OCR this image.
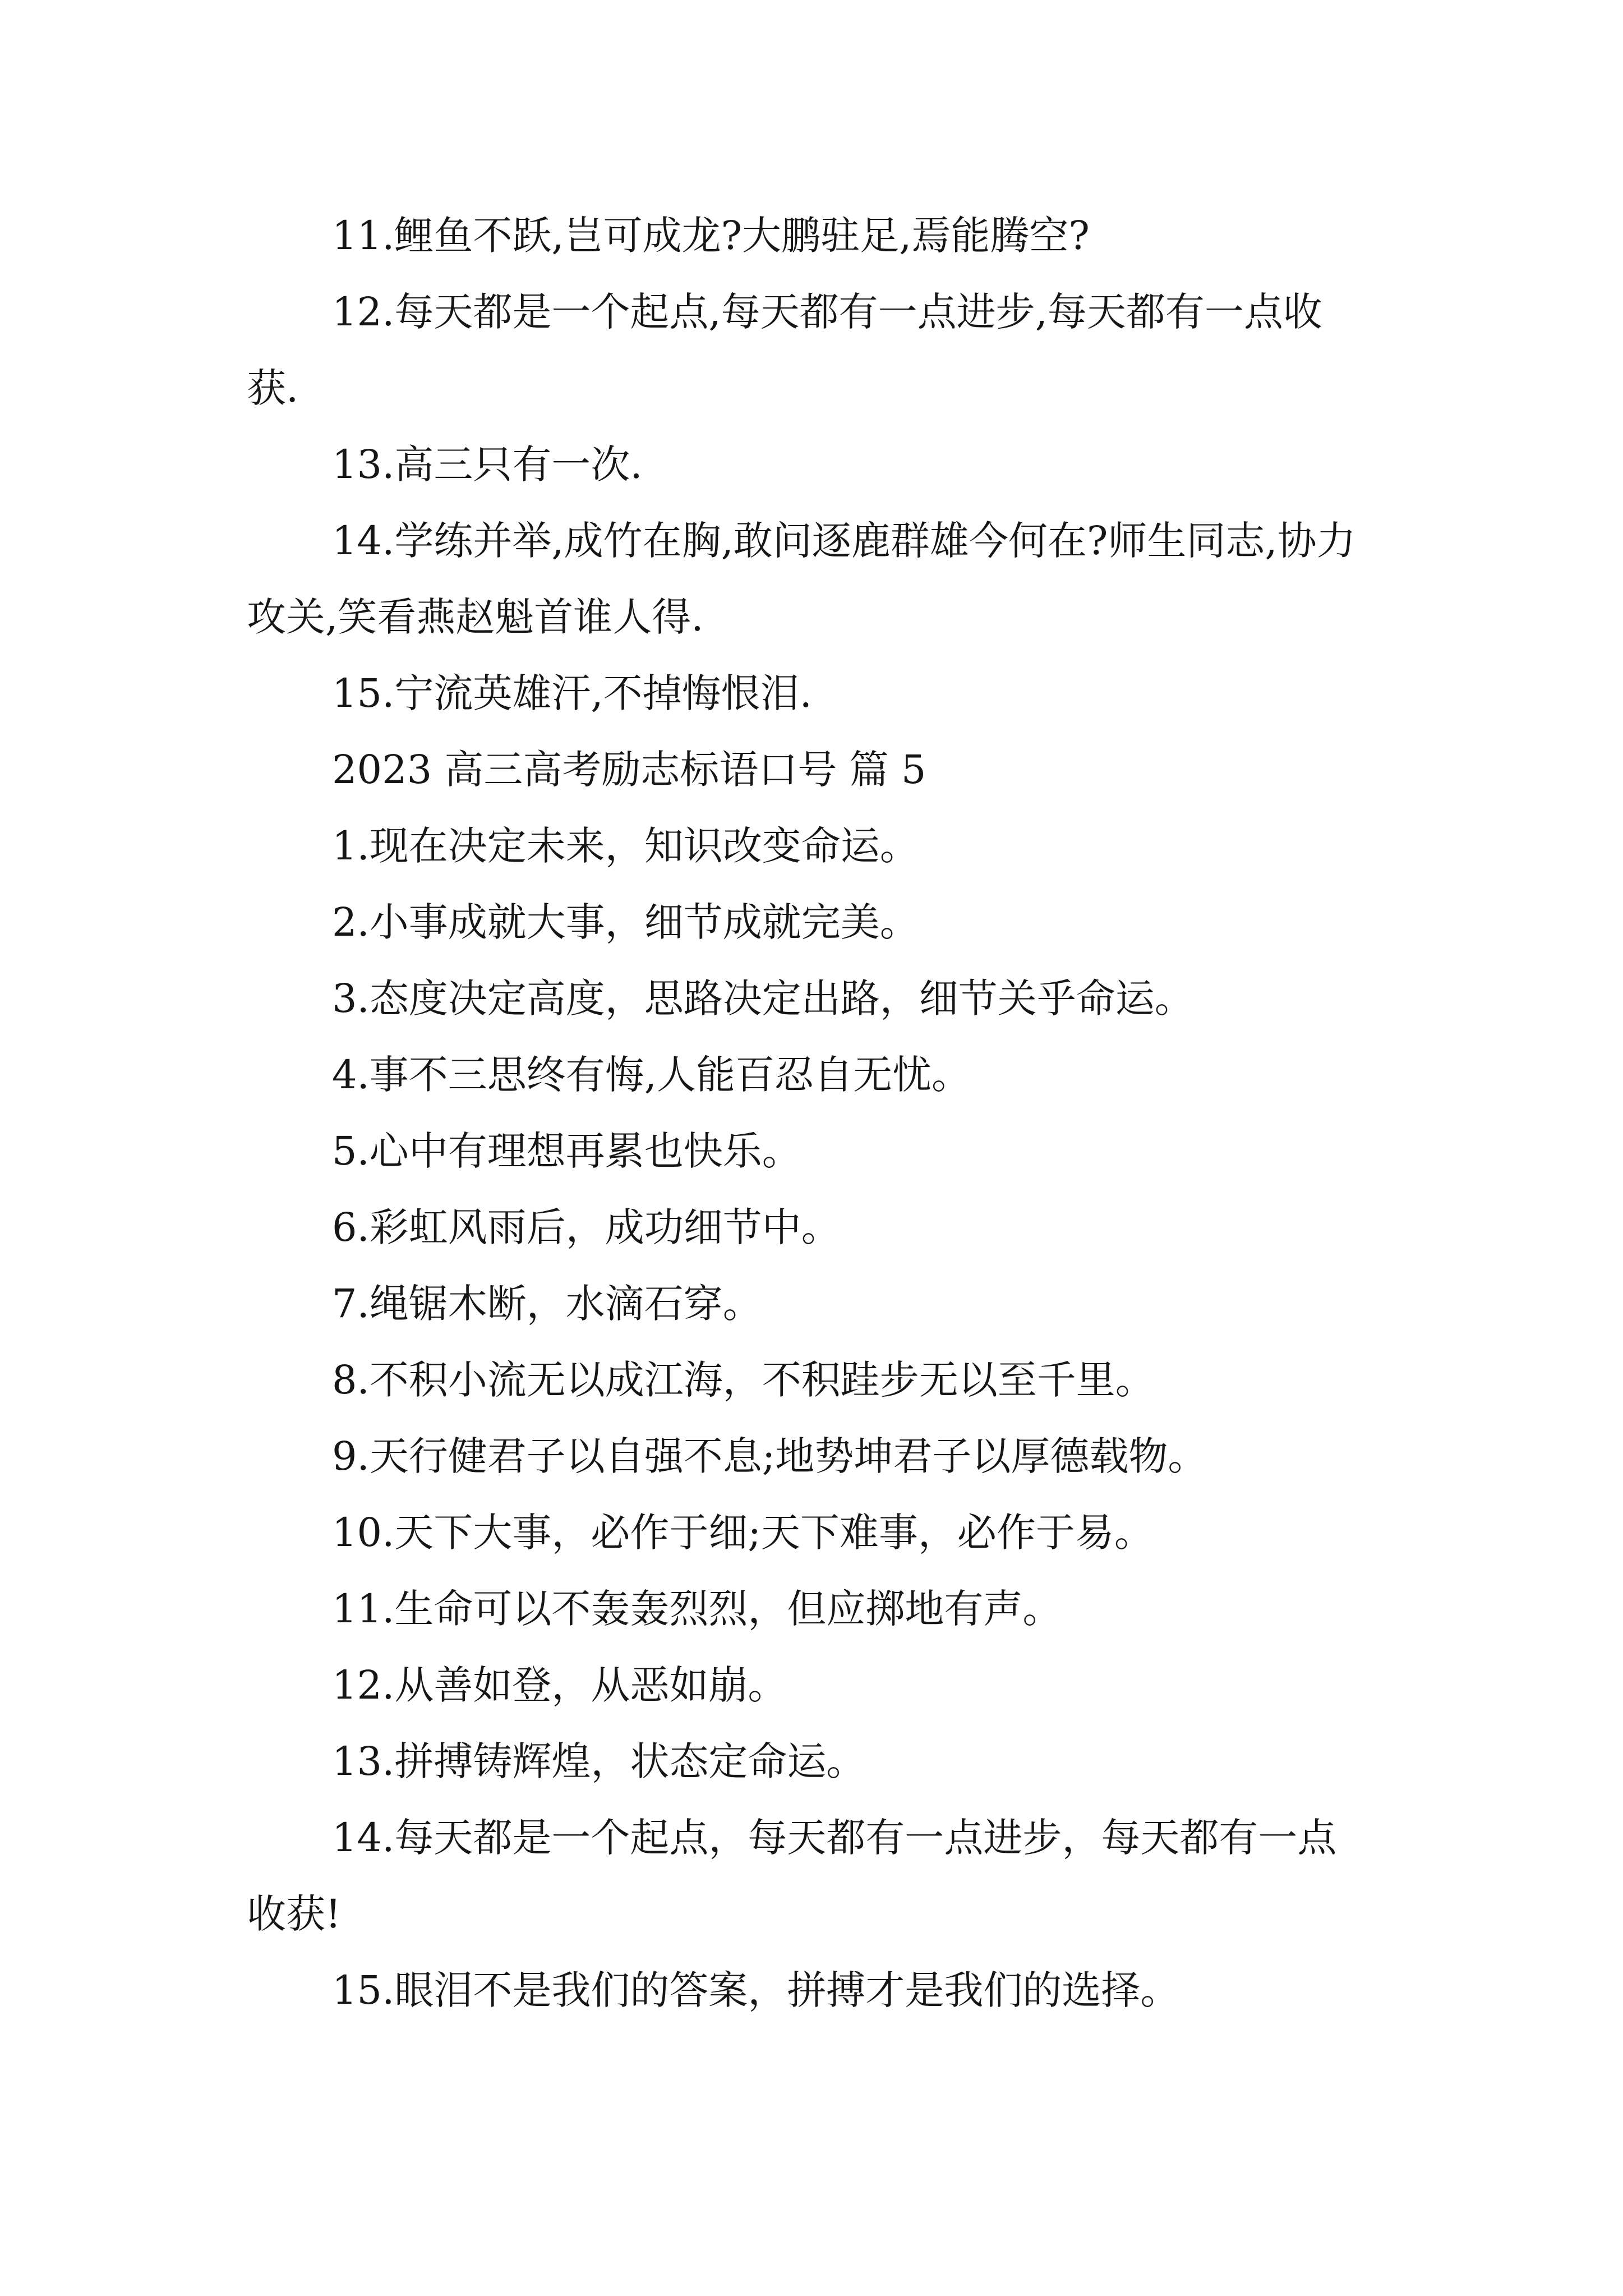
11.鲤鱼不跃,岂可成龙?大鹏驻足,焉能腾空?

12.每天都是一个起点,每天都有一点进步,每天都有一点收获.

13.高三只有一次.

14.学练并举,成竹在胸,敢问逐鹿群雄今何在?师生同志,协力攻关,笑看燕赵魁首谁人得.

15.宁流英雄汗,不掉悔恨泪.

2023 高三高考励志标语口号 篇 5

1.现在决定未来，知识改变命运。

2.小事成就大事，细节成就完美。

3.态度决定高度，思路决定出路，细节关乎命运。

4.事不三思终有悔,人能百忍自无忧。

5.心中有理想再累也快乐。

6.彩虹风雨后，成功细节中。

7.绳锯木断，水滴石穿。

8.不积小流无以成江海，不积跬步无以至千里。

9.天行健君子以自强不息;地势坤君子以厚德载物。

10.天下大事，必作于细;天下难事，必作于易。

11.生命可以不轰轰烈烈，但应掷地有声。

12.从善如登，从恶如崩。

13.拼搏铸辉煌，状态定命运。

14.每天都是一个起点，每天都有一点进步，每天都有一点收获!

15.眼泪不是我们的答案，拼搏才是我们的选择。
